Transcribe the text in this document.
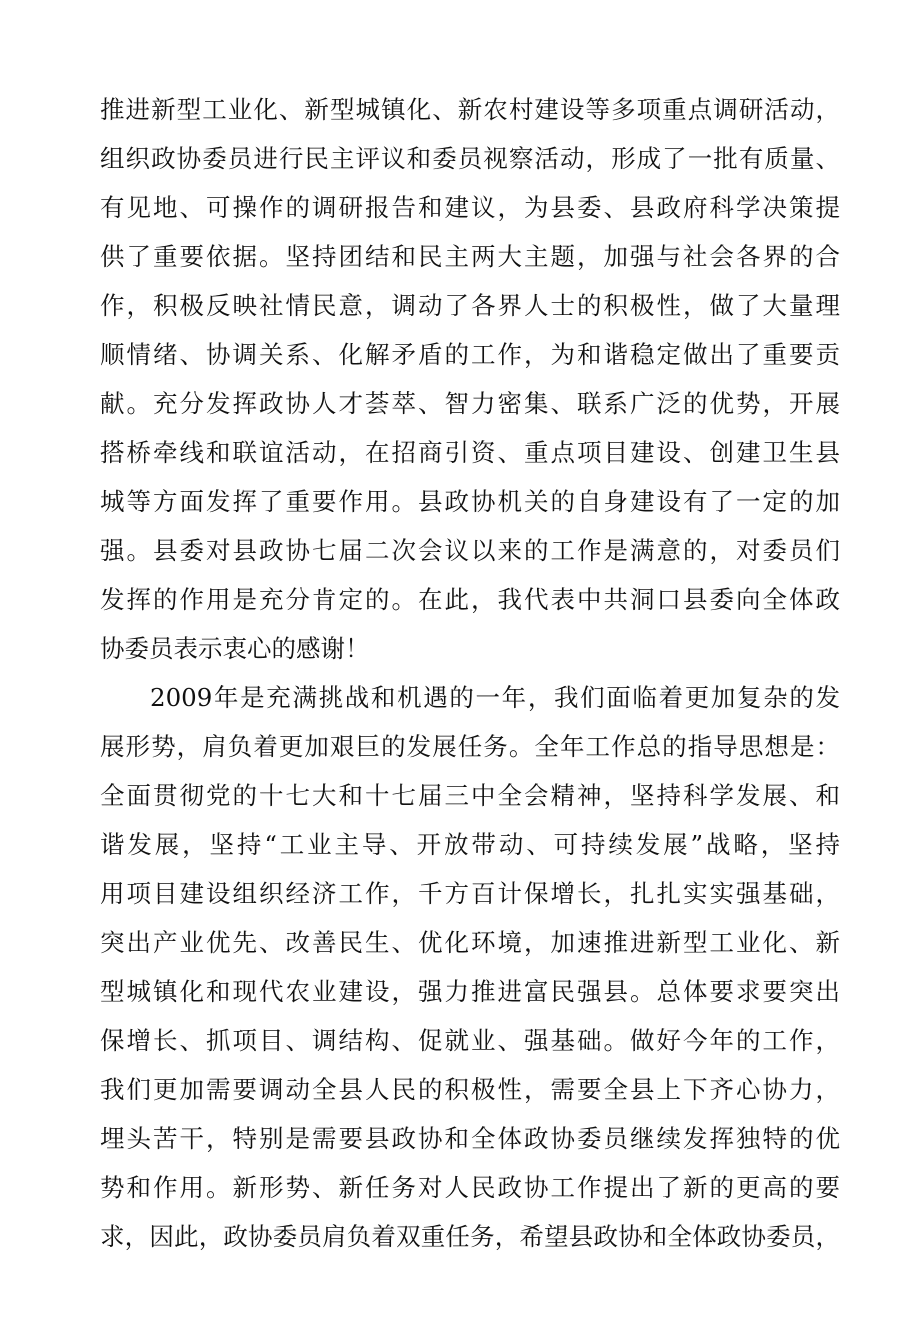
推进新型工业化、新型城镇化、新农村建设等多项重点调研活动，
组织政协委员进行民主评议和委员视察活动，形成了一批有质量、
有见地、可操作的调研报告和建议，为县委、县政府科学决策提
供了重要依据。坚持团结和民主两大主题，加强与社会各界的合
作，积极反映社情民意，调动了各界人士的积极性，做了大量理
顺情绪、协调关系、化解矛盾的工作，为和谐稳定做出了重要贡
献。充分发挥政协人才荟萃、智力密集、联系广泛的优势，开展
搭桥牵线和联谊活动，在招商引资、重点项目建设、创建卫生县
城等方面发挥了重要作用。县政协机关的自身建设有了一定的加
强。县委对县政协七届二次会议以来的工作是满意的，对委员们
发挥的作用是充分肯定的。在此，我代表中共洞口县委向全体政
协委员表示衷心的感谢！
2009年是充满挑战和机遇的一年，我们面临着更加复杂的发
展形势，肩负着更加艰巨的发展任务。全年工作总的指导思想是：
全面贯彻党的十七大和十七届三中全会精神，坚持科学发展、和
谐发展，坚持“工业主导、开放带动、可持续发展”战略，坚持
用项目建设组织经济工作，千方百计保增长，扎扎实实强基础，
突出产业优先、改善民生、优化环境，加速推进新型工业化、新
型城镇化和现代农业建设，强力推进富民强县。总体要求要突出
保增长、抓项目、调结构、促就业、强基础。做好今年的工作，
我们更加需要调动全县人民的积极性，需要全县上下齐心协力，
埋头苦干，特别是需要县政协和全体政协委员继续发挥独特的优
势和作用。新形势、新任务对人民政协工作提出了新的更高的要
求，因此，政协委员肩负着双重任务，希望县政协和全体政协委员，
